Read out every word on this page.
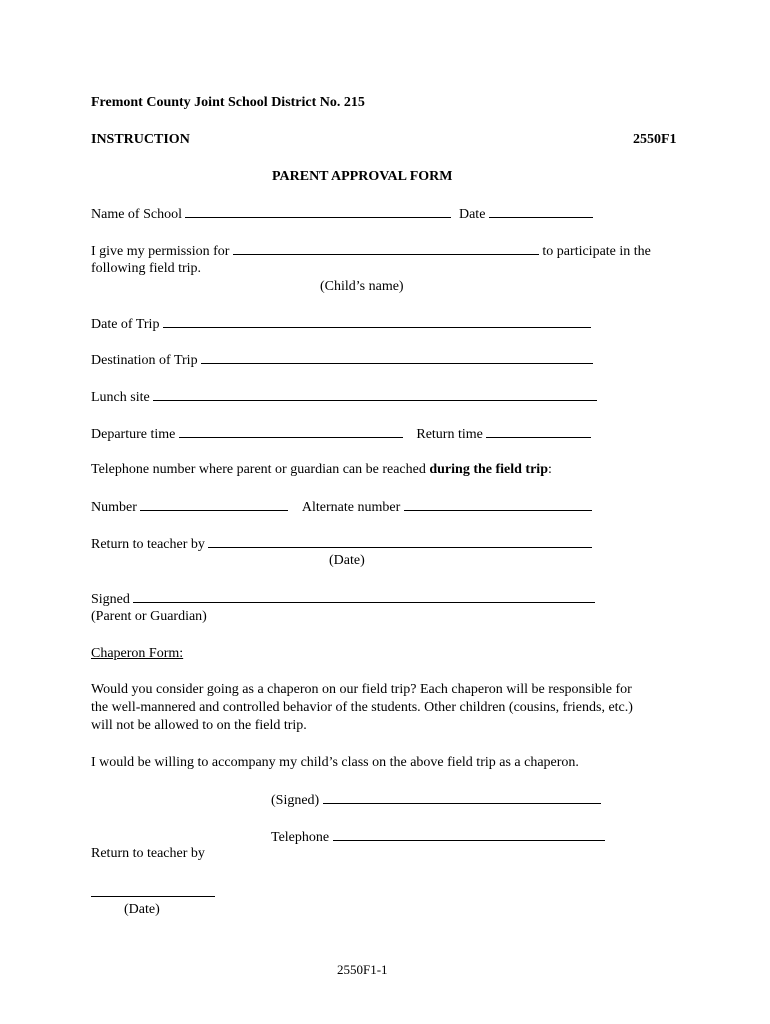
Fremont County Joint School District No. 215
INSTRUCTION	2550F1
PARENT APPROVAL FORM
Name of School	Date
I give my permission for	to participate in the
following field trip.
(Child’s name)
Date of Trip
Destination of Trip
Lunch site
Departure time	Return time
Telephone number where parent or guardian can be reached during the field trip:
Number	Alternate number
Return to teacher by
(Date)
Signed
(Parent or Guardian)
Chaperon Form:
Would you consider going as a chaperon on our field trip? Each chaperon will be responsible for
the well-mannered and controlled behavior of the students. Other children (cousins, friends, etc.)
will not be allowed to on the field trip.
I would be willing to accompany my child’s class on the above field trip as a chaperon.
(Signed)
Telephone
Return to teacher by
(Date)
2550F1-1
